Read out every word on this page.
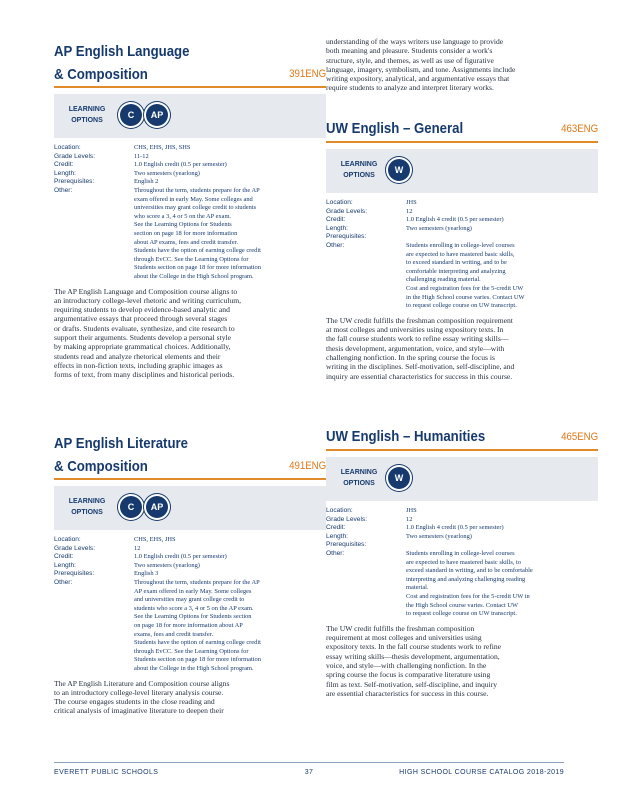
AP English Language
& Composition	391ENG
LEARNING
OPTIONS
C	AP
Location:	CHS, EHS, JHS, SHS
Grade Levels:	11-12
Credit:	1.0 English credit (0.5 per semester)
Length:	Two semesters (yearlong)
Prerequisites:	English 2
Other:	Throughout the term, students prepare for the AP
exam offered in early May. Some colleges and
universities may grant college credit to students
who score a 3, 4 or 5 on the AP exam.
See the Learning Options for Students
section on page 18 for more information
about AP exams, fees and credit transfer.
Students have the option of earning college credit
through EvCC. See the Learning Options for
Students section on page 18 for more information
about the College in the High School program.
The AP English Language and Composition course aligns to
an introductory college-level rhetoric and writing curriculum,
requiring students to develop evidence-based analytic and
argumentative essays that proceed through several stages
or drafts. Students evaluate, synthesize, and cite research to
support their arguments. Students develop a personal style
by making appropriate grammatical choices. Additionally,
students read and analyze rhetorical elements and their
effects in non-fiction texts, including graphic images as
forms of text, from many disciplines and historical periods.
AP English Literature
& Composition	491ENG
LEARNING
OPTIONS
C	AP
Location:	CHS, EHS, JHS
Grade Levels:	12
Credit:	1.0 English credit (0.5 per semester)
Length:	Two semesters (yearlong)
Prerequisites:	English 3
Other:	Throughout the term, students prepare for the AP
AP exam offered in early May. Some colleges
and universities may grant college credit to
students who score a 3, 4 or 5 on the AP exam.
See the Learning Options for Students section
on page 18 for more information about AP
exams, fees and credit transfer.
Students have the option of earning college credit
through EvCC. See the Learning Options for
Students section on page 18 for more information
about the College in the High School program.
The AP English Literature and Composition course aligns
to an introductory college-level literary analysis course.
The course engages students in the close reading and
critical analysis of imaginative literature to deepen their
understanding of the ways writers use language to provide
both meaning and pleasure. Students consider a work's
structure, style, and themes, as well as use of figurative
language, imagery, symbolism, and tone. Assignments include
writing expository, analytical, and argumentative essays that
require students to analyze and interpret literary works.
UW English – General	463ENG
LEARNING
OPTIONS
W
Location:	JHS
Grade Levels:	12
Credit:	1.0 English 4 credit (0.5 per semester)
Length:	Two semesters (yearlong)
Prerequisites:

Other:	Students enrolling in college-level courses
are expected to have mastered basic skills,
to exceed standard in writing, and to be
comfortable interpreting and analyzing
challenging reading material.
Cost and registration fees for the 5-credit UW
in the High School course varies. Contact UW
to request college course on UW transcript.
The UW credit fulfills the freshman composition requirement
at most colleges and universities using expository texts. In
the fall course students work to refine essay writing skills—
thesis development, argumentation, voice, and style—with
challenging nonfiction. In the spring course the focus is
writing in the disciplines. Self-motivation, self-discipline, and
inquiry are essential characteristics for success in this course.
UW English – Humanities	465ENG
LEARNING
OPTIONS
W
Location:	JHS
Grade Levels:	12
Credit:	1.0 English 4 credit (0.5 per semester)
Length:	Two semesters (yearlong)
Prerequisites:

Other:	Students enrolling in college-level courses
are expected to have mastered basic skills, to
exceed standard in writing, and to be comfortable
interpreting and analyzing challenging reading
material.
Cost and registration fees for the 5-credit UW in
the High School course varies. Contact UW
to request college course on UW transcript.
The UW credit fulfills the freshman composition
requirement at most colleges and universities using
expository texts. In the fall course students work to refine
essay writing skills—thesis development, argumentation,
voice, and style—with challenging nonfiction. In the
spring course the focus is comparative literature using
film as text. Self-motivation, self-discipline, and inquiry
are essential characteristics for success in this course.
EVERETT PUBLIC SCHOOLS	37	HIGH SCHOOL COURSE CATALOG 2018-2019
